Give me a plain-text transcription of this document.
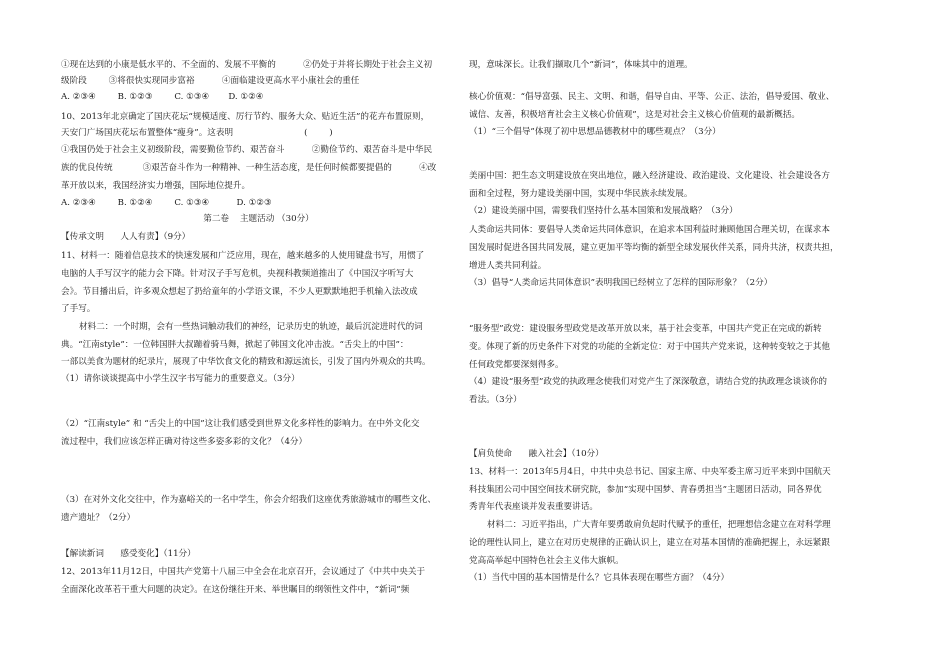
①现在达到的小康是低水平的、不全面的、发展不平衡的          ②仍处于并将长期处于社会主义初
级阶段        ③将很快实现同步富裕          ④面临建设更高水平小康社会的重任
A. ②③④        B. ①②③        C. ①③④       D. ①②④
10、2013年北京确定了国庆花坛“规模适度、厉行节约、服务大众、贴近生活”的花卉布置原则，
天安门广场国庆花坛布置整体“瘦身”。这表明                          (        )
①我国仍处于社会主义初级阶段，需要勤俭节约、艰苦奋斗          ②勤俭节约、艰苦奋斗是中华民
族的优良传统           ③艰苦奋斗作为一种精神、一种生活态度，是任何时候都要提倡的          ④改
革开放以来，我国经济实力增强，国际地位提升。
A. ②③④        B. ①②④        C. ①③④          D. ①②③
第二卷    主题活动 （30分）
【传承文明      人人有责】（9分）
11、材料一：随着信息技术的快速发展和广泛应用，现在，越来越多的人使用键盘书写，用惯了
电脑的人手写汉字的能力会下降。针对汉子手写危机，央视科教频道推出了《中国汉字听写大
会》。节目播出后，许多观众想起了扔给童年的小学语文课，不少人更默默地把手机输入法改成
了手写。
材料二：一个时期，会有一些热词触动我们的神经，记录历史的轨迹，最后沉淀进时代的词
典。“江南style”：一位韩国胖大叔蹦着骑马舞，掀起了韩国文化冲击波。“舌尖上的中国”：
一部以美食为题材的纪录片，展现了中华饮食文化的精致和源远流长，引发了国内外观众的共鸣。
（1）请你谈谈提高中小学生汉字书写能力的重要意义。（3分）
（2）“江南style” 和 “舌尖上的中国”这让我们感受到世界文化多样性的影响力。在中外文化交
流过程中，我们应该怎样正确对待这些多姿多彩的文化？（4分）
（3）在对外文化交往中，作为嘉峪关的一名中学生，你会介绍我们这座优秀旅游城市的哪些文化、
遗产遗址？（2分）
【解读新词      感受变化】（11分）
12、2013年11月12日，中国共产党第十八届三中全会在北京召开，会议通过了《中共中央关于
全面深化改革若干重大问题的决定》。在这份继往开来、举世瞩目的纲领性文件中，“新词”频
现，意味深长。让我们撷取几个“新词”，体味其中的道理。
核心价值观：“倡导富强、民主、文明、和谐，倡导自由、平等、公正、法治，倡导爱国、敬业、
诚信、友善，积极培育社会主义核心价值观”，这是对社会主义核心价值观的最新概括。
（1）“三个倡导”体现了初中思想品德教材中的哪些观点？（3分）
美丽中国：把生态文明建设放在突出地位，融入经济建设、政治建设、文化建设、社会建设各方
面和全过程，努力建设美丽中国，实现中华民族永续发展。
（2）建设美丽中国，需要我们坚持什么基本国策和发展战略？（3分）
人类命运共同体：要倡导人类命运共同体意识，在追求本国利益时兼顾他国合理关切，在谋求本
国发展时促进各国共同发展，建立更加平等均衡的新型全球发展伙伴关系，同舟共济，权责共担，
增进人类共同利益。
（3）倡导“人类命运共同体意识”表明我国已经树立了怎样的国际形象？（2分）
“服务型”政党：建设服务型政党是改革开放以来，基于社会变革，中国共产党正在完成的新转
变。体现了新的历史条件下对党的功能的全新定位：对于中国共产党来说，这种转变较之于其他
任何政党都要深刻得多。
（4）建设“服务型”政党的执政理念使我们对党产生了深深敬意，请结合党的执政理念谈谈你的
看法。（3分）
【肩负使命      融入社会】（10分）
13、材料一：2013年5月4日，中共中央总书记、国家主席、中央军委主席习近平来到中国航天
科技集团公司中国空间技术研究院，参加“实现中国梦、青春勇担当”主题团日活动，同各界优
秀青年代表座谈并发表重要讲话。
材料二：习近平指出，广大青年要勇敢肩负起时代赋予的重任，把理想信念建立在对科学理
论的理性认同上，建立在对历史规律的正确认识上，建立在对基本国情的准确把握上，永远紧跟
党高高举起中国特色社会主义伟大旗帜。
（1）当代中国的基本国情是什么？它具体表现在哪些方面？（4分）
